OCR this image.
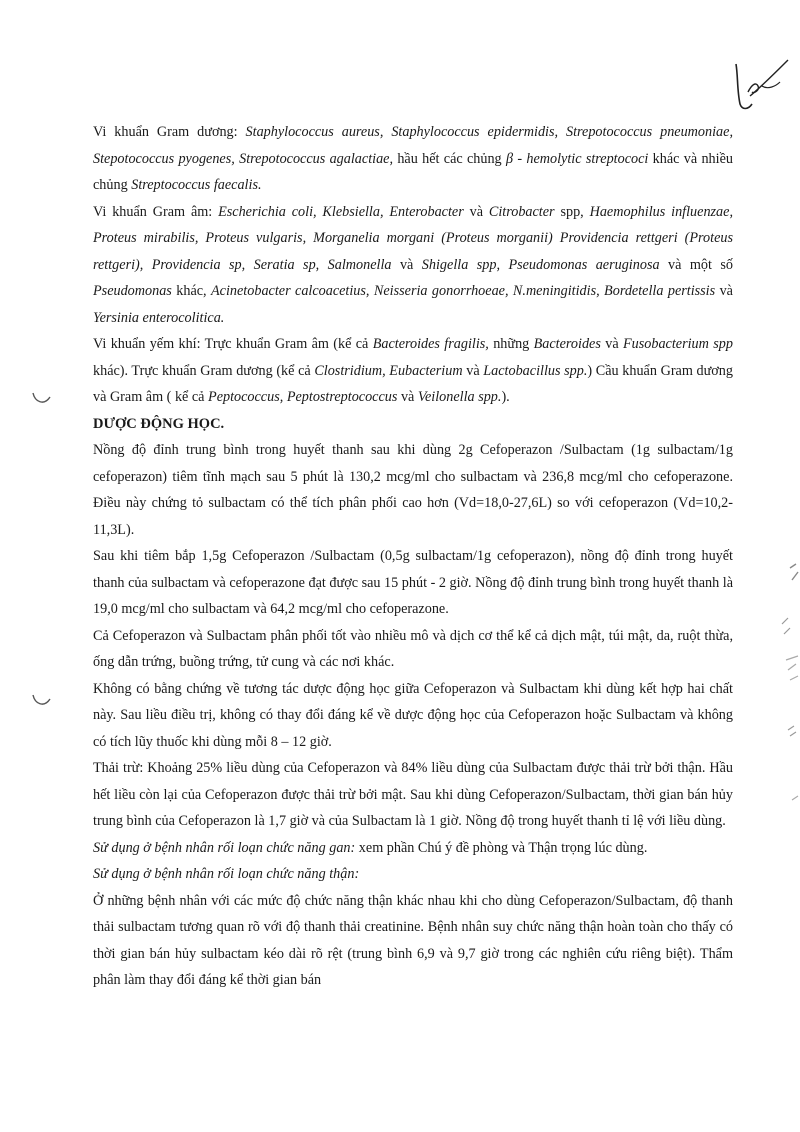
Vi khuẩn Gram dương: Staphylococcus aureus, Staphylococcus epidermidis, Strepotococcus pneumoniae, Stepotococcus pyogenes, Strepotococcus agalactiae, hầu hết các chủng β - hemolytic streptococi khác và nhiều chủng Streptococcus faecalis.

Vi khuẩn Gram âm: Escherichia coli, Klebsiella, Enterobacter và Citrobacter spp, Haemophilus influenzae, Proteus mirabilis, Proteus vulgaris, Morganelia morgani (Proteus morganii) Providencia rettgeri (Proteus rettgeri), Providencia sp, Seratia sp, Salmonella và Shigella spp, Pseudomonas aeruginosa và một số Pseudomonas khác, Acinetobacter calcoacetius, Neisseria gonorrhoeae, N.meningitidis, Bordetella pertissis và Yersinia enterocolitica.

Vi khuẩn yếm khí: Trực khuẩn Gram âm (kể cả Bacteroides fragilis, những Bacteroides và Fusobacterium spp khác). Trực khuẩn Gram dương (kể cả Clostridium, Eubacterium và Lactobacillus spp.) Cầu khuẩn Gram dương và Gram âm ( kể cả Peptococcus, Peptostreptococcus và Veilonella spp.).

DƯỢC ĐỘNG HỌC.

Nồng độ đỉnh trung bình trong huyết thanh sau khi dùng 2g Cefoperazon /Sulbactam (1g sulbactam/1g cefoperazon) tiêm tĩnh mạch sau 5 phút là 130,2 mcg/ml cho sulbactam và 236,8 mcg/ml cho cefoperazone. Điều này chứng tỏ sulbactam có thể tích phân phối cao hơn (Vd=18,0-27,6L) so với cefoperazon (Vd=10,2-11,3L).

Sau khi tiêm bắp 1,5g Cefoperazon /Sulbactam (0,5g sulbactam/1g cefoperazon), nồng độ đỉnh trong huyết thanh của sulbactam và cefoperazone đạt được sau 15 phút - 2 giờ. Nồng độ đỉnh trung bình trong huyết thanh là 19,0 mcg/ml cho sulbactam và 64,2 mcg/ml cho cefoperazone.

Cả Cefoperazon và Sulbactam phân phối tốt vào nhiều mô và dịch cơ thể kể cả dịch mật, túi mật, da, ruột thừa, ống dẫn trứng, buồng trứng, tử cung và các nơi khác.

Không có bằng chứng về tương tác dược động học giữa Cefoperazon và Sulbactam khi dùng kết hợp hai chất này. Sau liều điều trị, không có thay đổi đáng kể về dược động học của Cefoperazon hoặc Sulbactam và không có tích lũy thuốc khi dùng mỗi 8 – 12 giờ.

Thải trừ: Khoảng 25% liều dùng của Cefoperazon và 84% liều dùng của Sulbactam được thải trừ bởi thận. Hầu hết liều còn lại của Cefoperazon được thải trừ bởi mật. Sau khi dùng Cefoperazon/Sulbactam, thời gian bán hủy trung bình của Cefoperazon là 1,7 giờ và của Sulbactam là 1 giờ. Nồng độ trong huyết thanh tỉ lệ với liều dùng.

Sử dụng ở bệnh nhân rối loạn chức năng gan: xem phần Chú ý đề phòng và Thận trọng lúc dùng.

Sử dụng ở bệnh nhân rối loạn chức năng thận:

Ở những bệnh nhân với các mức độ chức năng thận khác nhau khi cho dùng Cefoperazon/Sulbactam, độ thanh thải sulbactam tương quan rõ với độ thanh thải creatinine. Bệnh nhân suy chức năng thận hoàn toàn cho thấy có thời gian bán hủy sulbactam kéo dài rõ rệt (trung bình 6,9 và 9,7 giờ trong các nghiên cứu riêng biệt). Thẩm phân làm thay đổi đáng kể thời gian bán
